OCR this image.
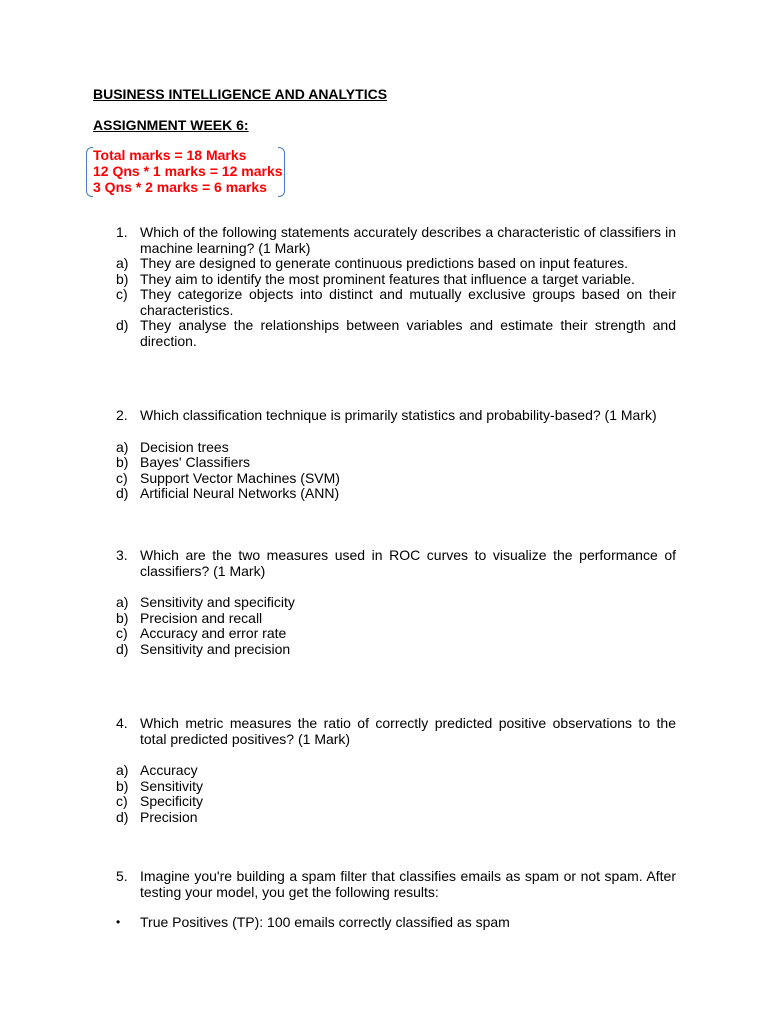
BUSINESS INTELLIGENCE AND ANALYTICS
ASSIGNMENT WEEK 6:
Total marks = 18 Marks
12 Qns * 1 marks = 12 marks
3 Qns * 2 marks = 6 marks
1. Which of the following statements accurately describes a characteristic of classifiers in machine learning? (1 Mark)
a) They are designed to generate continuous predictions based on input features.
b) They aim to identify the most prominent features that influence a target variable.
c) They categorize objects into distinct and mutually exclusive groups based on their characteristics.
d) They analyse the relationships between variables and estimate their strength and direction.
2. Which classification technique is primarily statistics and probability-based? (1 Mark)
a) Decision trees
b) Bayes' Classifiers
c) Support Vector Machines (SVM)
d) Artificial Neural Networks (ANN)
3. Which are the two measures used in ROC curves to visualize the performance of classifiers? (1 Mark)
a) Sensitivity and specificity
b) Precision and recall
c) Accuracy and error rate
d) Sensitivity and precision
4. Which metric measures the ratio of correctly predicted positive observations to the total predicted positives? (1 Mark)
a) Accuracy
b) Sensitivity
c) Specificity
d) Precision
5. Imagine you're building a spam filter that classifies emails as spam or not spam. After testing your model, you get the following results:
•	True Positives (TP): 100 emails correctly classified as spam
